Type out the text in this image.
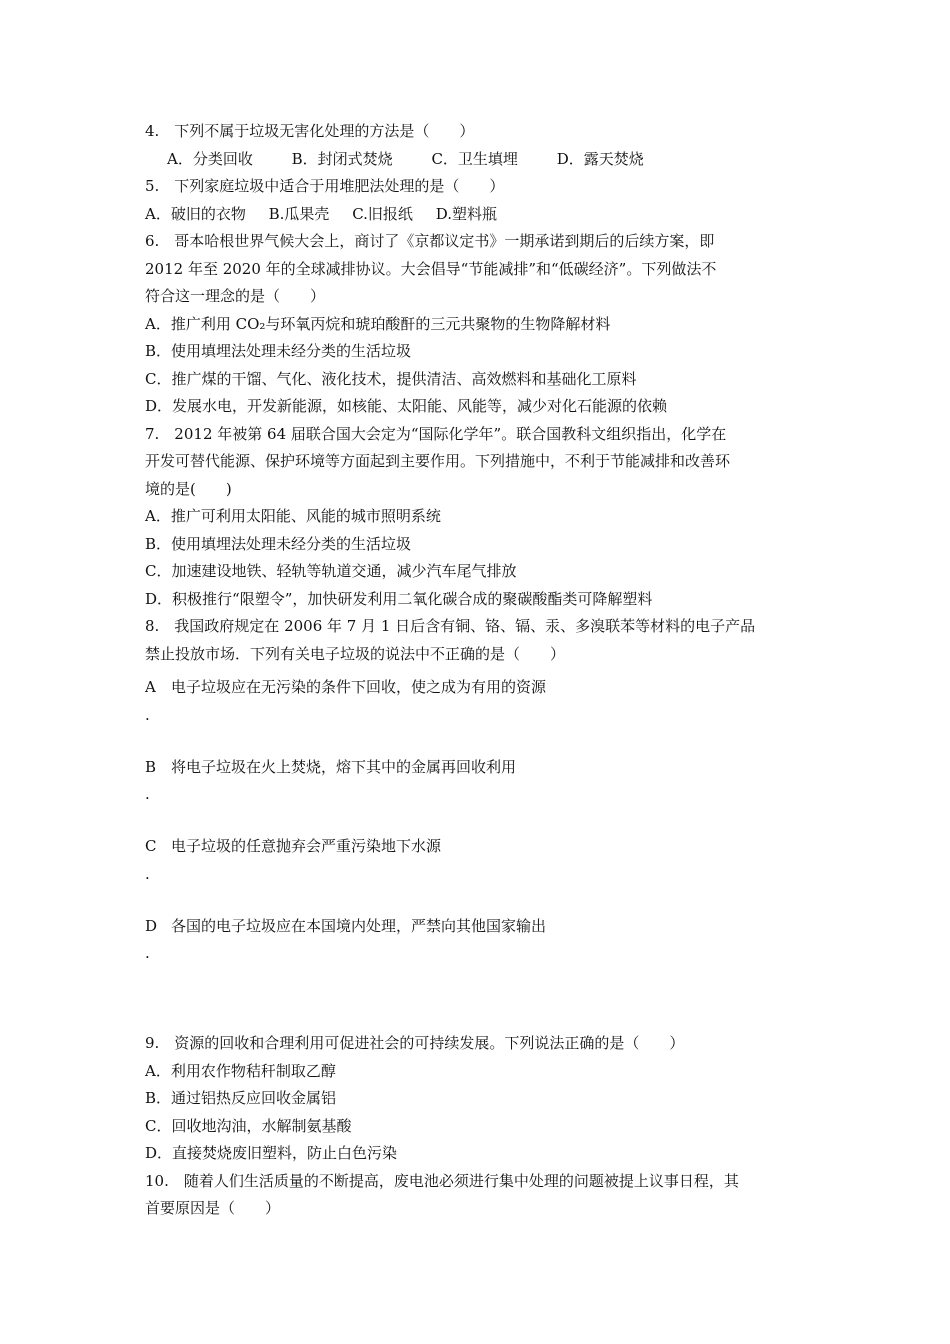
4.　下列不属于垃圾无害化处理的方法是（　　）
A．分类回收	B．封闭式焚烧	C．卫生填埋	D．露天焚烧
5.　下列家庭垃圾中适合于用堆肥法处理的是（　　）
A．破旧的衣物 B.瓜果壳 C.旧报纸 D.塑料瓶
6.　哥本哈根世界气候大会上，商讨了《京都议定书》一期承诺到期后的后续方案，即
2012 年至 2020 年的全球减排协议。大会倡导“节能减排”和“低碳经济”。下列做法不
符合这一理念的是（　　）
A．推广利用 CO₂与环氧丙烷和琥珀酸酐的三元共聚物的生物降解材料
B．使用填埋法处理未经分类的生活垃圾
C．推广煤的干馏、气化、液化技术，提供清洁、高效燃料和基础化工原料
D．发展水电，开发新能源，如核能、太阳能、风能等，减少对化石能源的依赖
7.　2012 年被第 64 届联合国大会定为“国际化学年”。联合国教科文组织指出，化学在
开发可替代能源、保护环境等方面起到主要作用。下列措施中，不利于节能减排和改善环
境的是(　　)
A．推广可利用太阳能、风能的城市照明系统
B．使用填埋法处理未经分类的生活垃圾
C．加速建设地铁、轻轨等轨道交通，减少汽车尾气排放
D．积极推行“限塑令”，加快研发利用二氧化碳合成的聚碳酸酯类可降解塑料
8.　我国政府规定在 2006 年 7 月 1 日后含有铜、铬、镉、汞、多溴联苯等材料的电子产品
禁止投放市场．下列有关电子垃圾的说法中不正确的是（　　）
A 电子垃圾应在无污染的条件下回收，使之成为有用的资源
.
B 将电子垃圾在火上焚烧，熔下其中的金属再回收利用
.
C 电子垃圾的任意抛弃会严重污染地下水源
.
D 各国的电子垃圾应在本国境内处理，严禁向其他国家输出
.
9.　资源的回收和合理利用可促进社会的可持续发展。下列说法正确的是（　　）
A．利用农作物秸秆制取乙醇
B．通过铝热反应回收金属铝
C．回收地沟油，水解制氨基酸
D．直接焚烧废旧塑料，防止白色污染
10.　随着人们生活质量的不断提高，废电池必须进行集中处理的问题被提上议事日程，其
首要原因是（　　）
